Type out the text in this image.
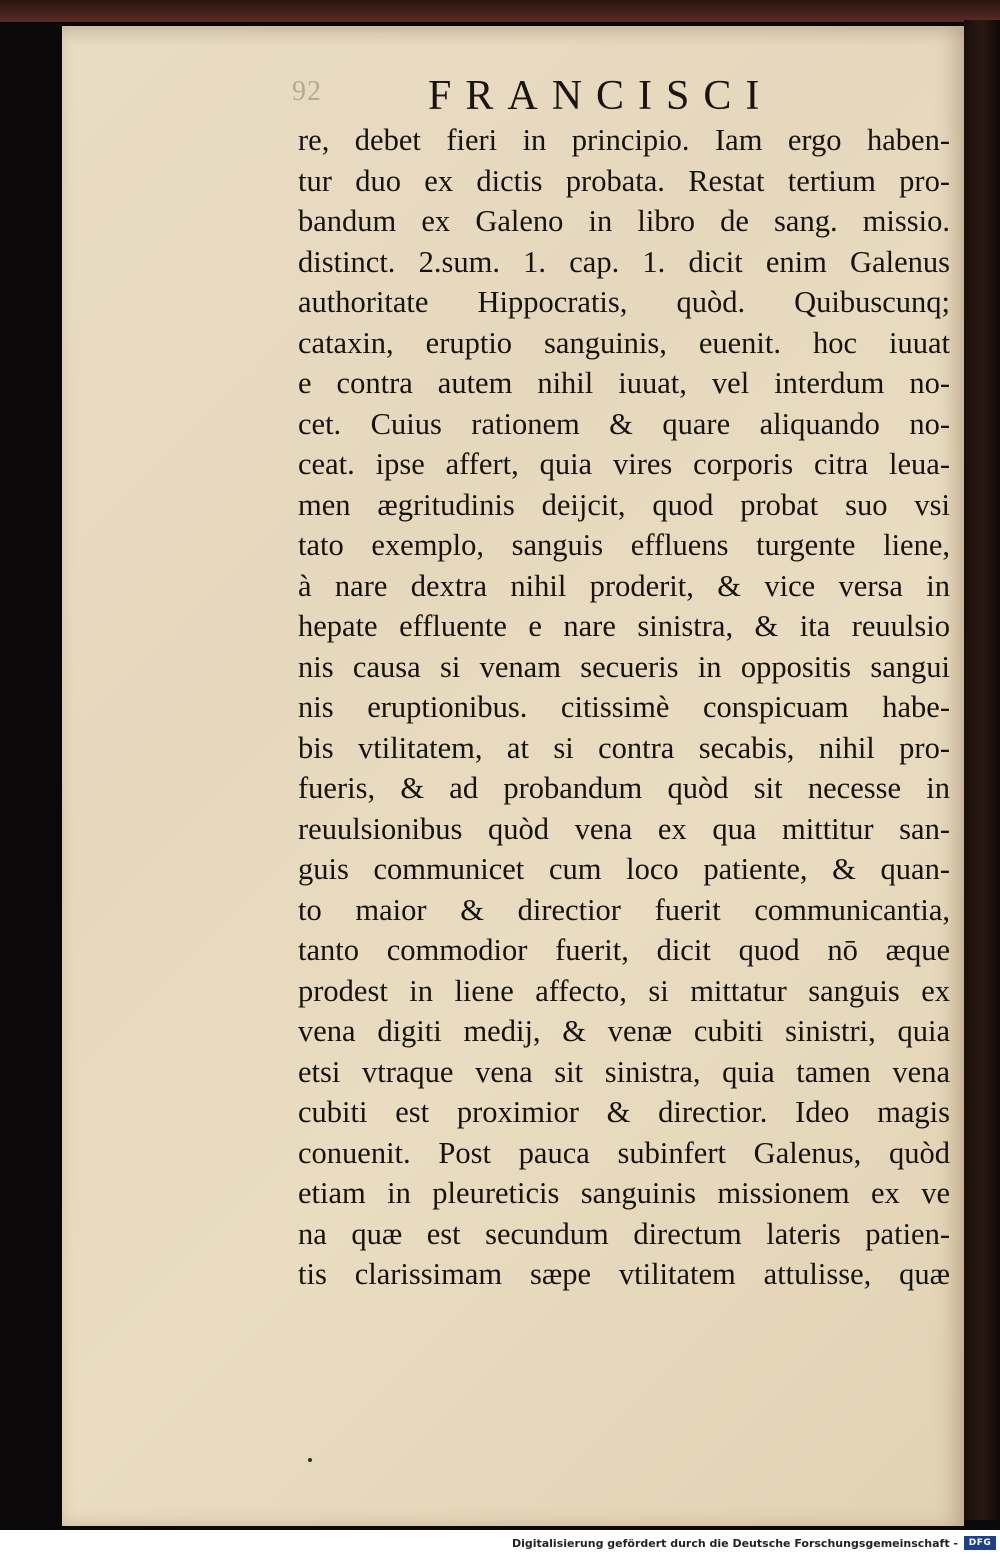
92	FRANCISCI
re, debet fieri in principio. Iam ergo haben-
tur duo ex dictis probata. Restat tertium pro-
bandum ex Galeno in libro de sang. missio.
distinct. 2.sum. 1. cap. 1. dicit enim Galenus
authoritate Hippocratis, quòd. Quibuscunq;
cataxin, eruptio sanguinis, euenit. hoc iuuat
e contra autem nihil iuuat, vel interdum no-
cet. Cuius rationem & quare aliquando no-
ceat. ipse affert, quia vires corporis citra leua-
men ægritudinis deijcit, quod probat suo vsi
tato exemplo, sanguis effluens turgente liene,
à nare dextra nihil proderit, & vice versa in
hepate effluente e nare sinistra, & ita reuulsio
nis causa si venam secueris in oppositis sangui
nis eruptionibus. citissimè conspicuam habe-
bis vtilitatem, at si contra secabis, nihil pro-
fueris, & ad probandum quòd sit necesse in
reuulsionibus quòd vena ex qua mittitur san-
guis communicet cum loco patiente, & quan-
to maior & directior fuerit communicantia,
tanto commodior fuerit, dicit quod nō æque
prodest in liene affecto, si mittatur sanguis ex
vena digiti medij, & venæ cubiti sinistri, quia
etsi vtraque vena sit sinistra, quia tamen vena
cubiti est proximior & directior. Ideo magis
conuenit. Post pauca subinfert Galenus, quòd
etiam in pleureticis sanguinis missionem ex ve
na quæ est secundum directum lateris patien-
tis clarissimam sæpe vtilitatem attulisse, quæ
Digitalisierung gefördert durch die Deutsche Forschungsgemeinschaft -	DFG
